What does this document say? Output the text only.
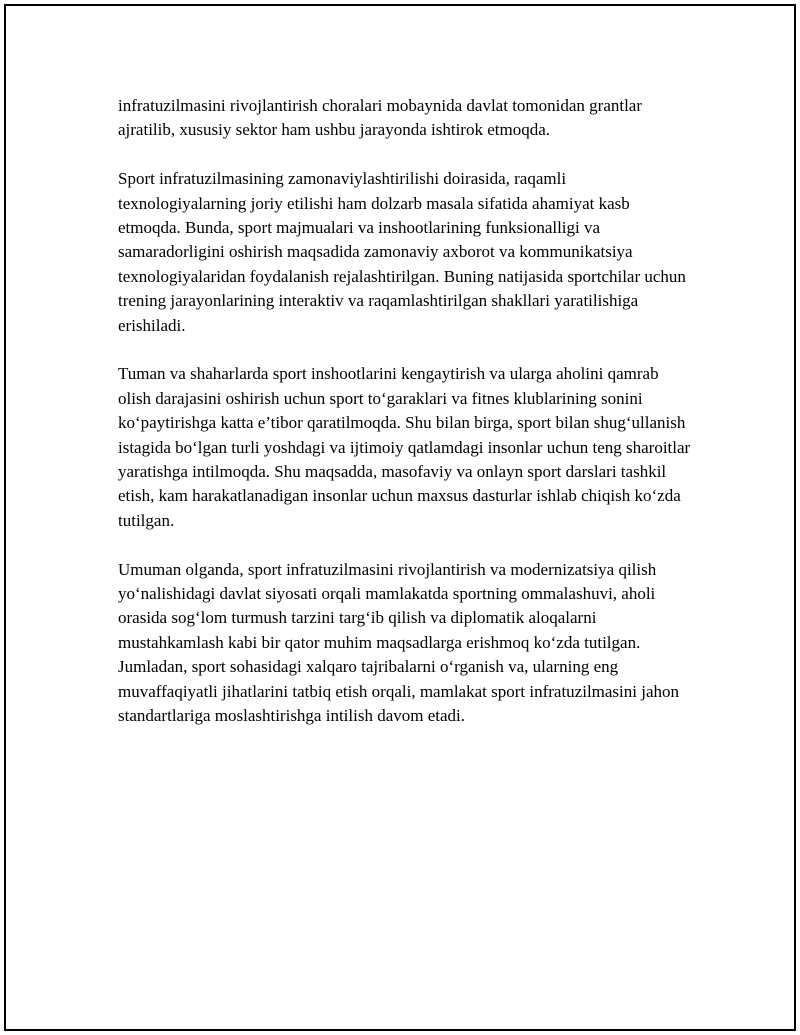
infratuzilmasini rivojlantirish choralari mobaynida davlat tomonidan grantlar ajratilib, xususiy sektor ham ushbu jarayonda ishtirok etmoqda.

Sport infratuzilmasining zamonaviylashtirilishi doirasida, raqamli texnologiyalarning joriy etilishi ham dolzarb masala sifatida ahamiyat kasb etmoqda. Bunda, sport majmualari va inshootlarining funksionalligi va samaradorligini oshirish maqsadida zamonaviy axborot va kommunikatsiya texnologiyalaridan foydalanish rejalashtirilgan. Buning natijasida sportchilar uchun trening jarayonlarining interaktiv va raqamlashtirilgan shakllari yaratilishiga erishiladi.

Tuman va shaharlarda sport inshootlarini kengaytirish va ularga aholini qamrab olish darajasini oshirish uchun sport to‘garaklari va fitnes klublarining sonini ko‘paytirishga katta e’tibor qaratilmoqda. Shu bilan birga, sport bilan shug‘ullanish istagida bo‘lgan turli yoshdagi va ijtimoiy qatlamdagi insonlar uchun teng sharoitlar yaratishga intilmoqda. Shu maqsadda, masofaviy va onlayn sport darslari tashkil etish, kam harakatlanadigan insonlar uchun maxsus dasturlar ishlab chiqish ko‘zda tutilgan.

Umuman olganda, sport infratuzilmasini rivojlantirish va modernizatsiya qilish yo‘nalishidagi davlat siyosati orqali mamlakatda sportning ommalashuvi, aholi orasida sog‘lom turmush tarzini targ‘ib qilish va diplomatik aloqalarni mustahkamlash kabi bir qator muhim maqsadlarga erishmoq ko‘zda tutilgan. Jumladan, sport sohasidagi xalqaro tajribalarni o‘rganish va, ularning eng muvaffaqiyatli jihatlarini tatbiq etish orqali, mamlakat sport infratuzilmasini jahon standartlariga moslashtirishga intilish davom etadi.
